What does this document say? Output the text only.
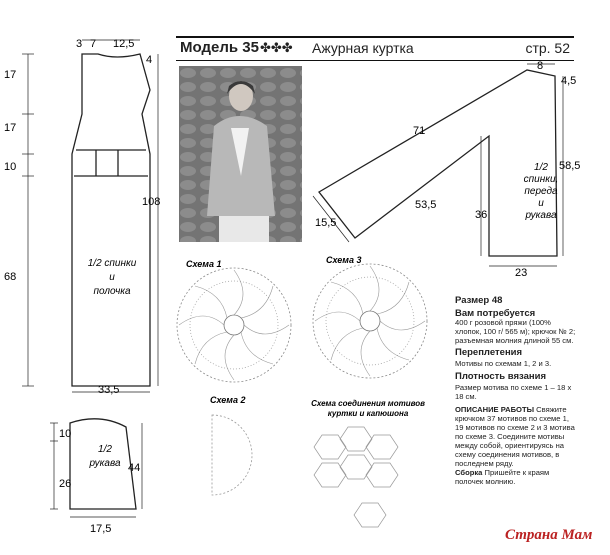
Модель 35 ✤✤✤ Ажурная куртка	стр. 52
1/2 спинки
и
полочка
3 7 12,5
4
17
17
10
68
108
33,5
1/2
рукава
10
26
44
17,5
1/2
спинки,
переда
и
рукава
8
4,5
71
58,5
53,5
15,5
36
23
Схема 1	Схема 3
Схема 2	Схема соединения мотивов
куртки и капюшона
Размер 48
Вам потребуется
400 г розовой пряжи (100% хлопок, 100 г/ 565 м); крючок № 2; разъемная молния длиной 55 см.
Переплетения
Мотивы по схемам 1, 2 и 3.
Плотность вязания
Размер мотива по схеме 1 – 18 х 18 см.
ОПИСАНИЕ РАБОТЫ Свяжите крючком 37 мотивов по схеме 1, 19 мотивов по схеме 2 и 3 мотива по схеме 3. Соедините мотивы между собой, ориентируясь на схему соединения мотивов, в последнем ряду.
Сборка Пришейте к краям полочек молнию.
Страна Мам
